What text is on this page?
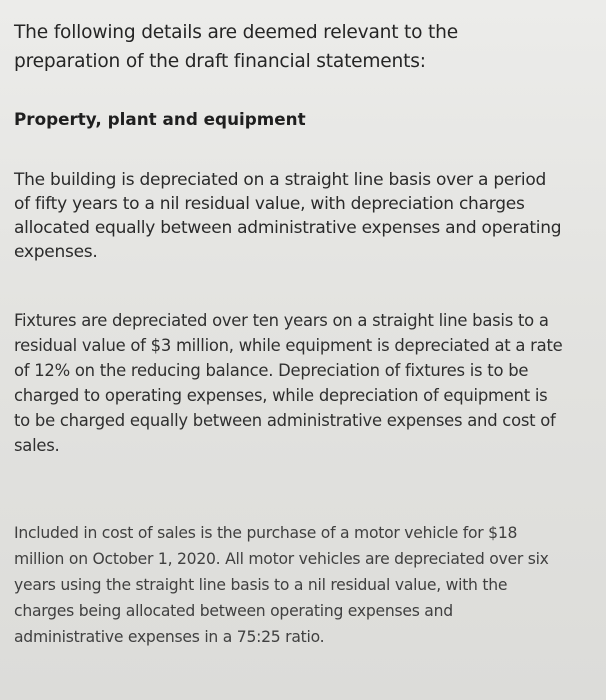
The following details are deemed relevant to the preparation of the draft financial statements:

Property, plant and equipment

The building is depreciated on a straight line basis over a period of fifty years to a nil residual value, with depreciation charges allocated equally between administrative expenses and operating expenses.

Fixtures are depreciated over ten years on a straight line basis to a residual value of $3 million, while equipment is depreciated at a rate of 12% on the reducing balance. Depreciation of fixtures is to be charged to operating expenses, while depreciation of equipment is to be charged equally between administrative expenses and cost of sales.

Included in cost of sales is the purchase of a motor vehicle for $18 million on October 1, 2020. All motor vehicles are depreciated over six years using the straight line basis to a nil residual value, with the charges being allocated between operating expenses and administrative expenses in a 75:25 ratio.
